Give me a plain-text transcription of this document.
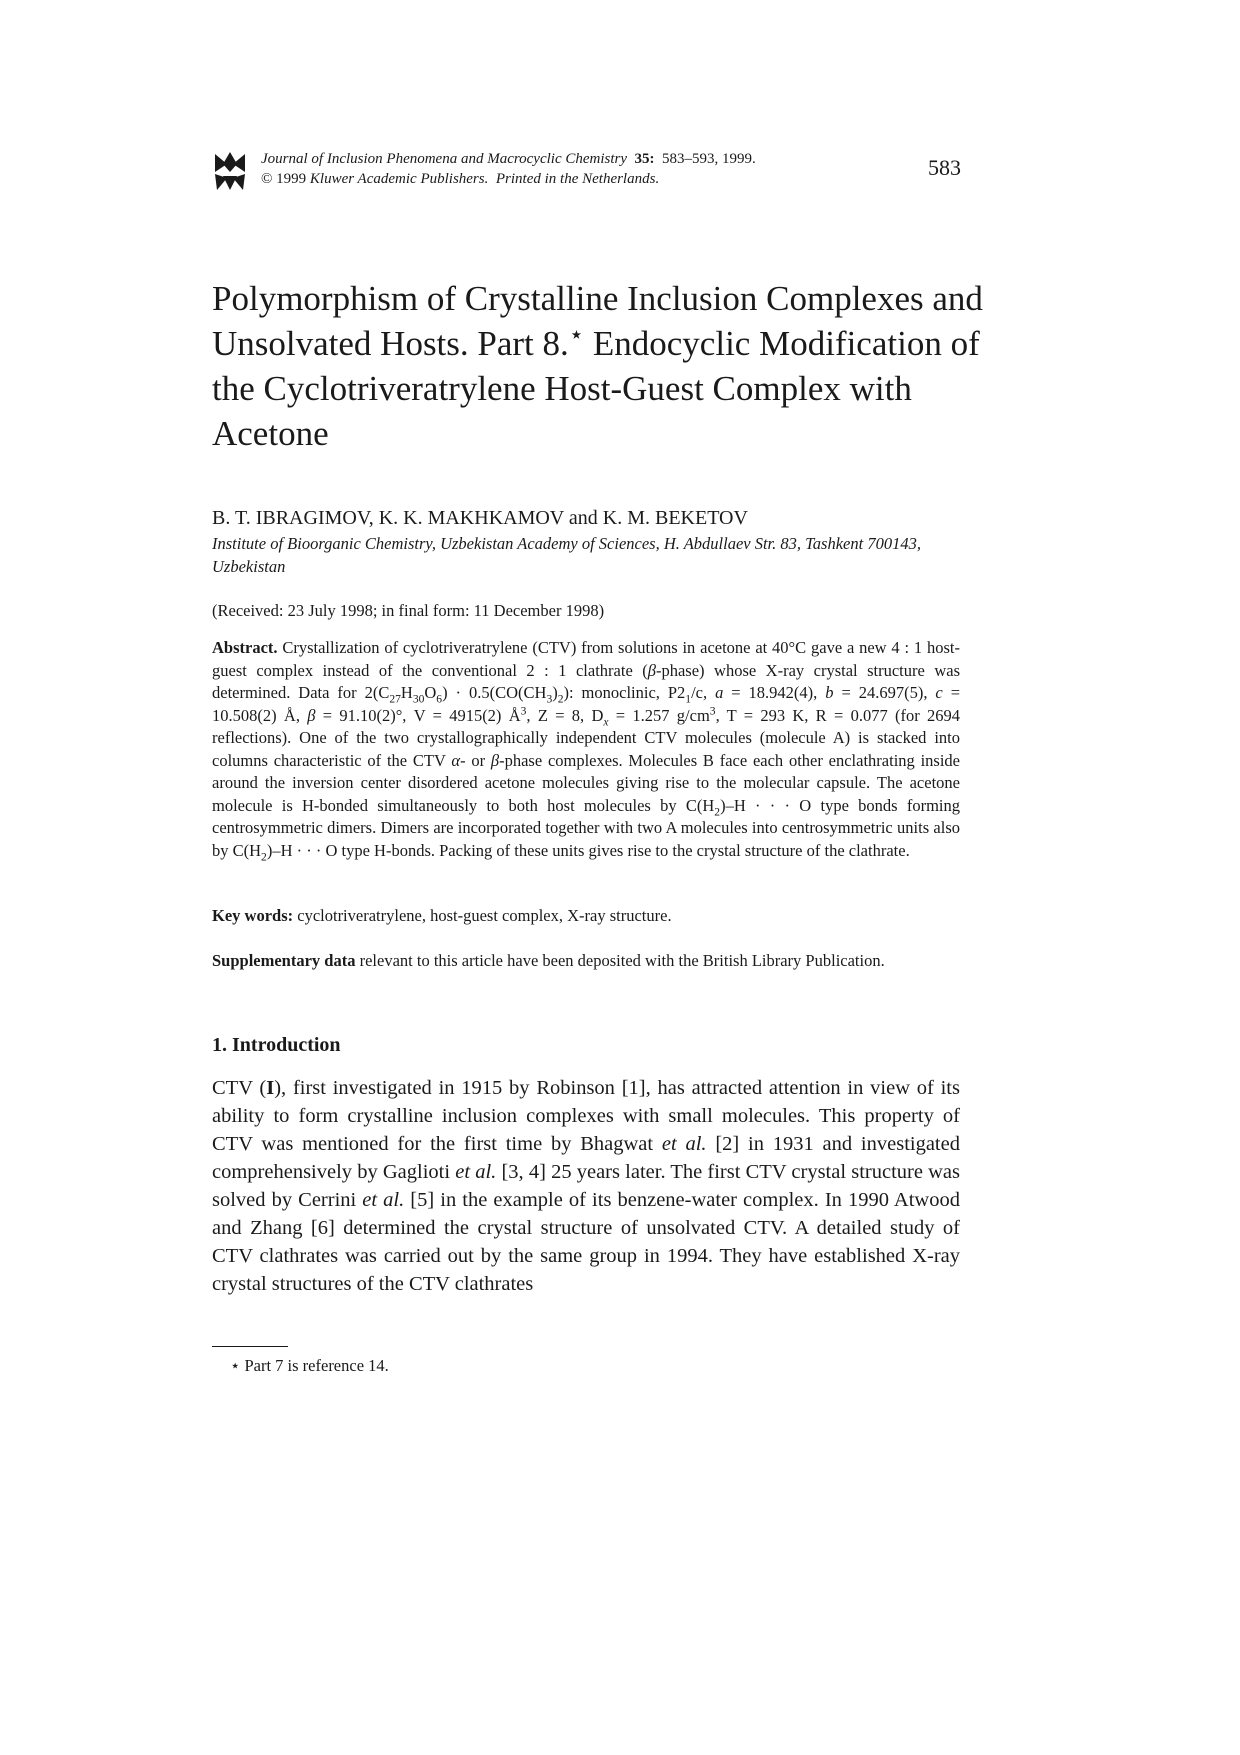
Journal of Inclusion Phenomena and Macrocyclic Chemistry 35: 583–593, 1999.
© 1999 Kluwer Academic Publishers. Printed in the Netherlands.	583
Polymorphism of Crystalline Inclusion Complexes and Unsolvated Hosts. Part 8.⋆ Endocyclic Modification of the Cyclotriveratrylene Host-Guest Complex with Acetone
B. T. IBRAGIMOV, K. K. MAKHKAMOV and K. M. BEKETOV
Institute of Bioorganic Chemistry, Uzbekistan Academy of Sciences, H. Abdullaev Str. 83, Tashkent 700143, Uzbekistan
(Received: 23 July 1998; in final form: 11 December 1998)
Abstract. Crystallization of cyclotriveratrylene (CTV) from solutions in acetone at 40°C gave a new 4 : 1 host-guest complex instead of the conventional 2 : 1 clathrate (β-phase) whose X-ray crystal structure was determined. Data for $2(C_{27}H_{30}O_6) \cdot 0.5(CO(CH_3)_2)$: monoclinic, $P2_1/c$, a = 18.942(4), b = 24.697(5), c = 10.508(2) Å, β = 91.10(2)°, V = 4915(2) $Å^3$, Z = 8, $D_x = 1.257$ $g/cm^3$, T = 293 K, R = 0.077 (for 2694 reflections). One of the two crystallographically independent CTV molecules (molecule A) is stacked into columns characteristic of the CTV α- or β-phase complexes. Molecules B face each other enclathrating inside around the inversion center disordered acetone molecules giving rise to the molecular capsule. The acetone molecule is H-bonded simultaneously to both host molecules by $C(H_2)-H$ · · · O type bonds forming centrosymmetric dimers. Dimers are incorporated together with two A molecules into centrosymmetric units also by $C(H_2)-H$ · · · O type H-bonds. Packing of these units gives rise to the crystal structure of the clathrate.
Key words: cyclotriveratrylene, host-guest complex, X-ray structure.
Supplementary data relevant to this article have been deposited with the British Library Publication.
1. Introduction

CTV (I), first investigated in 1915 by Robinson [1], has attracted attention in view of its ability to form crystalline inclusion complexes with small molecules. This property of CTV was mentioned for the first time by Bhagwat et al. [2] in 1931 and investigated comprehensively by Gaglioti et al. [3, 4] 25 years later. The first CTV crystal structure was solved by Cerrini et al. [5] in the example of its benzene-water complex. In 1990 Atwood and Zhang [6] determined the crystal structure of unsolvated CTV. A detailed study of CTV clathrates was carried out by the same group in 1994. They have established X-ray crystal structures of the CTV clathrates

⋆ Part 7 is reference 14.
